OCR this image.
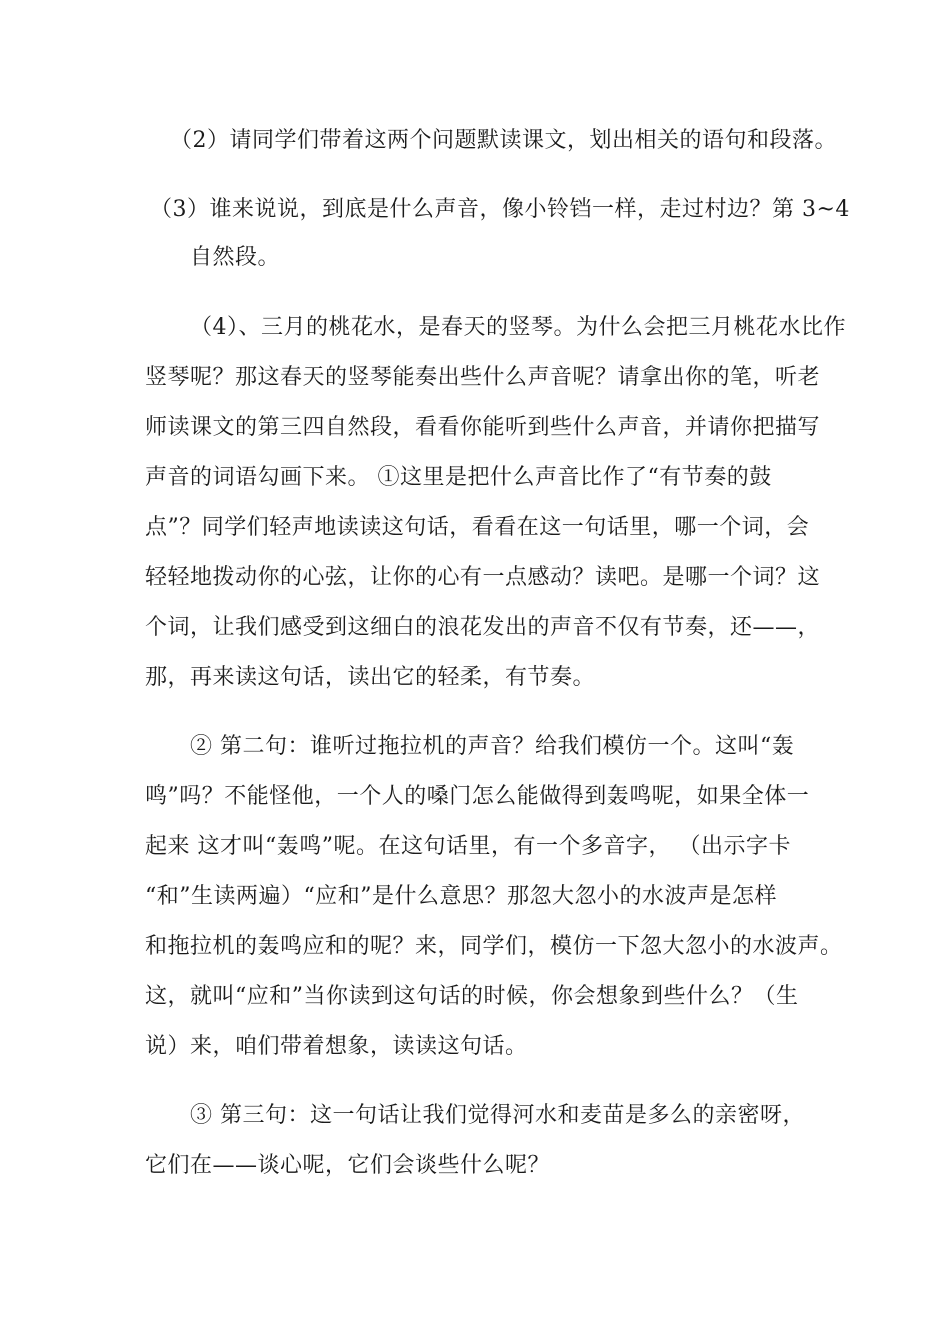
（2）请同学们带着这两个问题默读课文，划出相关的语句和段落。
（3）谁来说说，到底是什么声音，像小铃铛一样，走过村边？第 3~4
自然段。
（4）、三月的桃花水，是春天的竖琴。为什么会把三月桃花水比作
竖琴呢？那这春天的竖琴能奏出些什么声音呢？请拿出你的笔，听老
师读课文的第三四自然段，看看你能听到些什么声音，并请你把描写
声音的词语勾画下来。 ①这里是把什么声音比作了“有节奏的鼓
点”？同学们轻声地读读这句话，看看在这一句话里，哪一个词，会
轻轻地拨动你的心弦，让你的心有一点感动？读吧。是哪一个词？这
个词，让我们感受到这细白的浪花发出的声音不仅有节奏，还——，
那，再来读这句话，读出它的轻柔，有节奏。
② 第二句：谁听过拖拉机的声音？给我们模仿一个。这叫“轰
鸣”吗？不能怪他，一个人的嗓门怎么能做得到轰鸣呢，如果全体一
起来 这才叫“轰鸣”呢。在这句话里，有一个多音字， （出示字卡
“和”生读两遍）“应和”是什么意思？那忽大忽小的水波声是怎样
和拖拉机的轰鸣应和的呢？来，同学们，模仿一下忽大忽小的水波声。
这，就叫“应和”当你读到这句话的时候，你会想象到些什么？（生
说）来，咱们带着想象，读读这句话。
③ 第三句：这一句话让我们觉得河水和麦苗是多么的亲密呀，
它们在——谈心呢，它们会谈些什么呢？
